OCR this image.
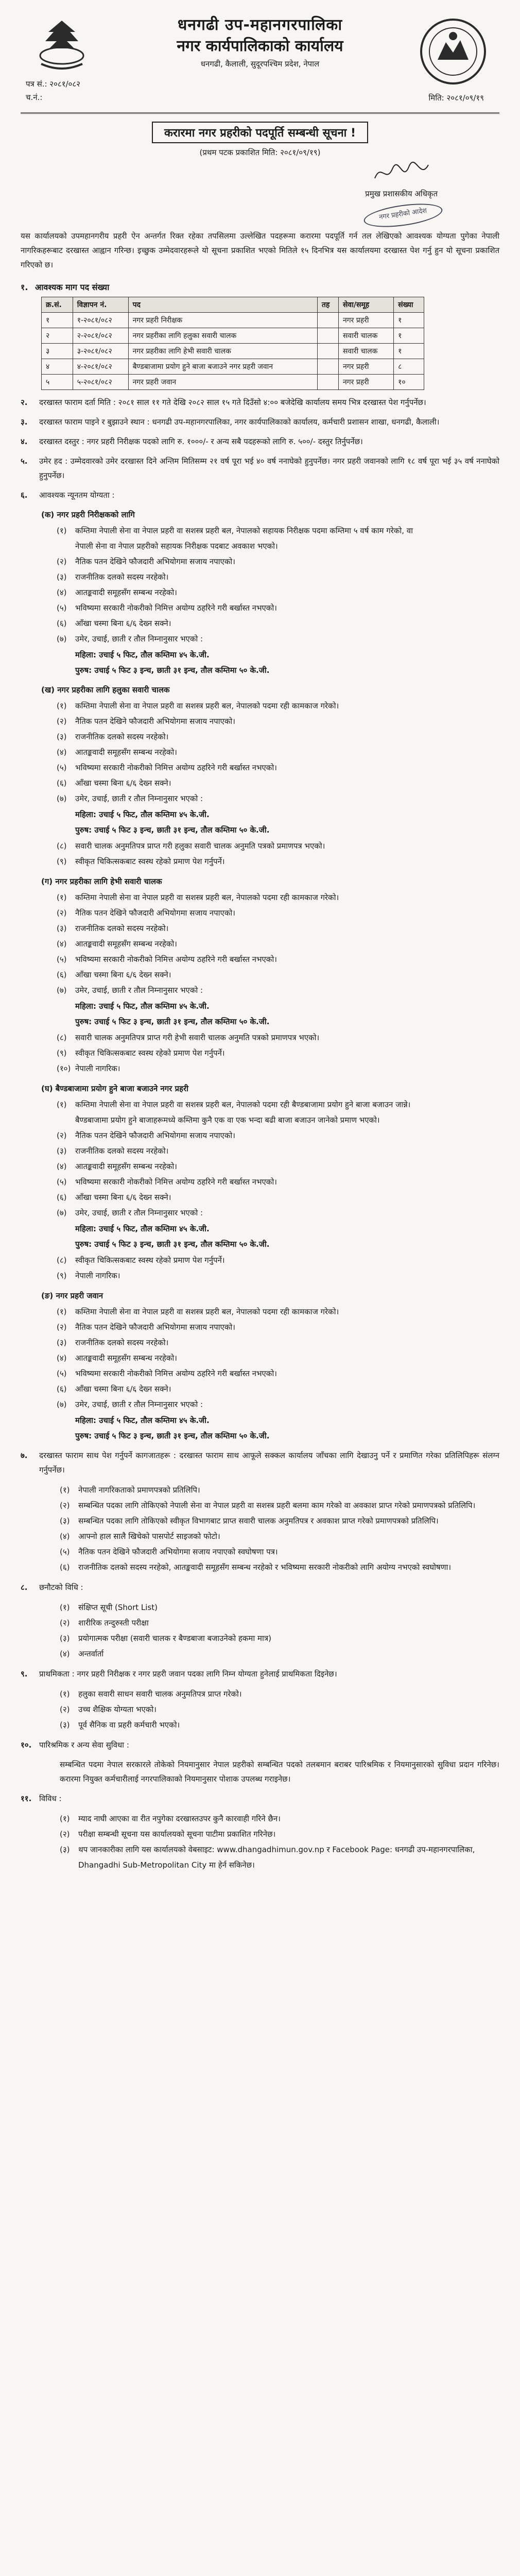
धनगढी उप-महानगरपालिका
नगर कार्यपालिकाको कार्यालय
धनगढी, कैलाली, सुदूरपश्चिम प्रदेश, नेपाल
पत्र सं.: २०८१/०८२
च.नं.:	मिति: २०८१/०९/१९
करारमा नगर प्रहरीको पदपूर्ति सम्बन्धी सूचना !
(प्रथम पटक प्रकाशित मिति: २०८१/०९/१९)
प्रमुख प्रशासकीय अधिकृत
नगर प्रहरीको आदेश

यस कार्यालयको उपमहानगरीय प्रहरी ऐन अन्तर्गत रिक्त रहेका तपसिलमा उल्लेखित पदहरूमा करारमा पदपूर्ति गर्न तल लेखिएको आवश्यक योग्यता पुगेका नेपाली नागरिकहरूबाट दरखास्त आह्वान गरिन्छ। इच्छुक उम्मेदवारहरूले यो सूचना प्रकाशित भएको मितिले १५ दिनभित्र यस कार्यालयमा दरखास्त पेश गर्नु हुन यो सूचना प्रकाशित गरिएको छ।

१. आवश्यक माग पद संख्या
क्र.सं.	विज्ञापन नं.	पद	तह	सेवा/समूह	संख्या
१	१-२०८१/०८२	नगर प्रहरी निरीक्षक		नगर प्रहरी	१
२	२-२०८१/०८२	नगर प्रहरीका लागि हलुका सवारी चालक		सवारी चालक	१
३	३-२०८१/०८२	नगर प्रहरीका लागि हेभी सवारी चालक		सवारी चालक	१
४	४-२०८१/०८२	बैण्डबाजामा प्रयोग हुने बाजा बजाउने नगर प्रहरी जवान		नगर प्रहरी	८
५	५-२०८१/०८२	नगर प्रहरी जवान		नगर प्रहरी	१०
२.	दरखास्त फाराम दर्ता मिति : २०८१ साल ११ गते देखि २०८२ साल १५ गते दिउँसो ४:०० बजेदेखि कार्यालय समय भित्र दरखास्त पेश गर्नुपर्नेछ।
३.	दरखास्त फाराम पाइने र बुझाउने स्थान : धनगढी उप-महानगरपालिका, नगर कार्यपालिकाको कार्यालय, कर्मचारी प्रशासन शाखा, धनगढी, कैलाली।
४.	दरखास्त दस्तुर : नगर प्रहरी निरीक्षक पदको लागि रु. १०००/- र अन्य सबै पदहरूको लागि रु. ५००/- दस्तुर तिर्नुपर्नेछ।
५.	उमेर हद : उम्मेदवारको उमेर दरखास्त दिने अन्तिम मितिसम्म २१ वर्ष पूरा भई ४० वर्ष ननाघेको हुनुपर्नेछ। नगर प्रहरी जवानको लागि १८ वर्ष पूरा भई ३५ वर्ष ननाघेको हुनुपर्नेछ।
६.	आवश्यक न्यूनतम योग्यता :
(क) नगर प्रहरी निरीक्षकको लागि
(१)	कम्तिमा नेपाली सेना वा नेपाल प्रहरी वा सशस्त्र प्रहरी बल, नेपालको सहायक निरीक्षक पदमा कम्तिमा ५ वर्ष काम गरेको, वा
नेपाली सेना वा नेपाल प्रहरीको सहायक निरीक्षक पदबाट अवकाश भएको।
(२)	नैतिक पतन देखिने फौजदारी अभियोगमा सजाय नपाएको।
(३)	राजनीतिक दलको सदस्य नरहेको।
(४)	आतङ्कवादी समूहसँग सम्बन्ध नरहेको।
(५)	भविष्यमा सरकारी नोकरीको निमित्त अयोग्य ठहरिने गरी बर्खास्त नभएको।
(६)	आँखा चस्मा बिना ६/६ देख्न सक्ने।
(७)	उमेर, उचाई, छाती र तौल निम्नानुसार भएको :
महिला: उचाई ५ फिट, तौल कम्तिमा ४५ के.जी.
पुरुष: उचाई ५ फिट ३ इन्च, छाती ३१ इन्च, तौल कम्तिमा ५० के.जी.
(ख) नगर प्रहरीका लागि हलुका सवारी चालक
(१)	कम्तिमा नेपाली सेना वा नेपाल प्रहरी वा सशस्त्र प्रहरी बल, नेपालको पदमा रही कामकाज गरेको।
(२)	नैतिक पतन देखिने फौजदारी अभियोगमा सजाय नपाएको।
(३)	राजनीतिक दलको सदस्य नरहेको।
(४)	आतङ्कवादी समूहसँग सम्बन्ध नरहेको।
(५)	भविष्यमा सरकारी नोकरीको निमित्त अयोग्य ठहरिने गरी बर्खास्त नभएको।
(६)	आँखा चस्मा बिना ६/६ देख्न सक्ने।
(७)	उमेर, उचाई, छाती र तौल निम्नानुसार भएको :
महिला: उचाई ५ फिट, तौल कम्तिमा ४५ के.जी.
पुरुष: उचाई ५ फिट ३ इन्च, छाती ३१ इन्च, तौल कम्तिमा ५० के.जी.
(८)	सवारी चालक अनुमतिपत्र प्राप्त गरी हलुका सवारी चालक अनुमति पत्रको प्रमाणपत्र भएको।
(९)	स्वीकृत चिकित्सकबाट स्वस्थ रहेको प्रमाण पेश गर्नुपर्ने।
(ग) नगर प्रहरीका लागि हेभी सवारी चालक
(१)	कम्तिमा नेपाली सेना वा नेपाल प्रहरी वा सशस्त्र प्रहरी बल, नेपालको पदमा रही कामकाज गरेको।
(२)	नैतिक पतन देखिने फौजदारी अभियोगमा सजाय नपाएको।
(३)	राजनीतिक दलको सदस्य नरहेको।
(४)	आतङ्कवादी समूहसँग सम्बन्ध नरहेको।
(५)	भविष्यमा सरकारी नोकरीको निमित्त अयोग्य ठहरिने गरी बर्खास्त नभएको।
(६)	आँखा चस्मा बिना ६/६ देख्न सक्ने।
(७)	उमेर, उचाई, छाती र तौल निम्नानुसार भएको :
महिला: उचाई ५ फिट, तौल कम्तिमा ४५ के.जी.
पुरुष: उचाई ५ फिट ३ इन्च, छाती ३१ इन्च, तौल कम्तिमा ५० के.जी.
(८)	सवारी चालक अनुमतिपत्र प्राप्त गरी हेभी सवारी चालक अनुमति पत्रको प्रमाणपत्र भएको।
(९)	स्वीकृत चिकित्सकबाट स्वस्थ रहेको प्रमाण पेश गर्नुपर्ने।
(१०) नेपाली नागरिक।
(घ) बैण्डबाजामा प्रयोग हुने बाजा बजाउने नगर प्रहरी
(१)	कम्तिमा नेपाली सेना वा नेपाल प्रहरी वा सशस्त्र प्रहरी बल, नेपालको पदमा रही बैण्डबाजामा प्रयोग हुने बाजा बजाउन जान्ने।
बैण्डबाजामा प्रयोग हुने बाजाहरूमध्ये कम्तिमा कुनै एक वा एक भन्दा बढी बाजा बजाउन जानेको प्रमाण भएको।
(२)	नैतिक पतन देखिने फौजदारी अभियोगमा सजाय नपाएको।
(३)	राजनीतिक दलको सदस्य नरहेको।
(४)	आतङ्कवादी समूहसँग सम्बन्ध नरहेको।
(५)	भविष्यमा सरकारी नोकरीको निमित्त अयोग्य ठहरिने गरी बर्खास्त नभएको।
(६)	आँखा चस्मा बिना ६/६ देख्न सक्ने।
(७)	उमेर, उचाई, छाती र तौल निम्नानुसार भएको :
महिला: उचाई ५ फिट, तौल कम्तिमा ४५ के.जी.
पुरुष: उचाई ५ फिट ३ इन्च, छाती ३१ इन्च, तौल कम्तिमा ५० के.जी.
(८)	स्वीकृत चिकित्सकबाट स्वस्थ रहेको प्रमाण पेश गर्नुपर्ने।
(९)	नेपाली नागरिक।
(ङ) नगर प्रहरी जवान
(१)	कम्तिमा नेपाली सेना वा नेपाल प्रहरी वा सशस्त्र प्रहरी बल, नेपालको पदमा रही कामकाज गरेको।
(२)	नैतिक पतन देखिने फौजदारी अभियोगमा सजाय नपाएको।
(३)	राजनीतिक दलको सदस्य नरहेको।
(४)	आतङ्कवादी समूहसँग सम्बन्ध नरहेको।
(५)	भविष्यमा सरकारी नोकरीको निमित्त अयोग्य ठहरिने गरी बर्खास्त नभएको।
(६)	आँखा चस्मा बिना ६/६ देख्न सक्ने।
(७)	उमेर, उचाई, छाती र तौल निम्नानुसार भएको :
महिला: उचाई ५ फिट, तौल कम्तिमा ४५ के.जी.
पुरुष: उचाई ५ फिट ३ इन्च, छाती ३१ इन्च, तौल कम्तिमा ५० के.जी.
७.	दरखास्त फाराम साथ पेश गर्नुपर्ने कागजातहरू : दरखास्त फाराम साथ आफूले सक्कल कार्यालय जाँचका लागि देखाउनु पर्ने र प्रमाणित गरेका प्रतिलिपिहरू संलग्न गर्नुपर्नेछ।
(१)	नेपाली नागरिकताको प्रमाणपत्रको प्रतिलिपि।
(२)	सम्बन्धित पदका लागि तोकिएको नेपाली सेना वा नेपाल प्रहरी वा सशस्त्र प्रहरी बलमा काम गरेको वा अवकाश प्राप्त गरेको प्रमाणपत्रको प्रतिलिपि।
(३)	सम्बन्धित पदका लागि तोकिएको स्वीकृत विभागबाट प्राप्त सवारी चालक अनुमतिपत्र र अवकाश प्राप्त गरेको प्रमाणपत्रको प्रतिलिपि।
(४)	आफ्नो हाल सालै खिचेको पासपोर्ट साइजको फोटो।
(५)	नैतिक पतन देखिने फौजदारी अभियोगमा सजाय नपाएको स्वघोषणा पत्र।
(६)	राजनीतिक दलको सदस्य नरहेको, आतङ्कवादी समूहसँग सम्बन्ध नरहेको र भविष्यमा सरकारी नोकरीको लागि अयोग्य नभएको स्वघोषणा।
८.	छनौटको विधि :
(१)	संक्षिप्त सूची (Short List)
(२)	शारीरिक तन्दुरुस्ती परीक्षा
(३)	प्रयोगात्मक परीक्षा (सवारी चालक र बैण्डबाजा बजाउनेको हकमा मात्र)
(४)	अन्तर्वार्ता
९.	प्राथमिकता : नगर प्रहरी निरीक्षक र नगर प्रहरी जवान पदका लागि निम्न योग्यता हुनेलाई प्राथमिकता दिइनेछ।
(१)	हलुका सवारी साधन सवारी चालक अनुमतिपत्र प्राप्त गरेको।
(२)	उच्च शैक्षिक योग्यता भएको।
(३)	पूर्व सैनिक वा प्रहरी कर्मचारी भएको।
१०. पारिश्रमिक र अन्य सेवा सुविधा :

सम्बन्धित पदमा नेपाल सरकारले तोकेको नियमानुसार नेपाल प्रहरीको सम्बन्धित पदको तलबमान बराबर पारिश्रमिक र नियमानुसारको सुविधा प्रदान गरिनेछ। करारमा नियुक्त कर्मचारीलाई नगरपालिकाको नियमानुसार पोशाक उपलब्ध गराइनेछ।

११. विविध :
(१)	म्याद नाघी आएका वा रीत नपुगेका दरखास्तउपर कुनै कारवाही गरिने छैन।
(२)	परीक्षा सम्बन्धी सूचना यस कार्यालयको सूचना पाटीमा प्रकाशित गरिनेछ।
(३)	थप जानकारीका लागि यस कार्यालयको वेबसाइट: www.dhangadhimun.gov.np र Facebook Page: धनगढी उप-महानगरपालिका, Dhangadhi Sub-Metropolitan City मा हेर्न सकिनेछ।
